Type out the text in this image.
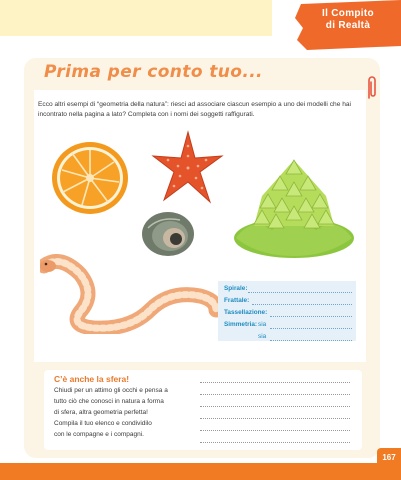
Il Compito
di Realtà
Prima per conto tuo...
Ecco altri esempi di “geometria della natura”: riesci ad associare ciascun esempio a uno dei modelli che hai incontrato nella pagina a lato? Completa con i nomi dei soggetti raffigurati.
Spirale:
Frattale:
Tassellazione:
Simmetria: sia
sia
C’è anche la sfera!
Chiudi per un attimo gli occhi e pensa a
tutto ciò che conosci in natura a forma
di sfera, altra geometria perfetta!
Compila il tuo elenco e condividilo
con le compagne e i compagni.
167
